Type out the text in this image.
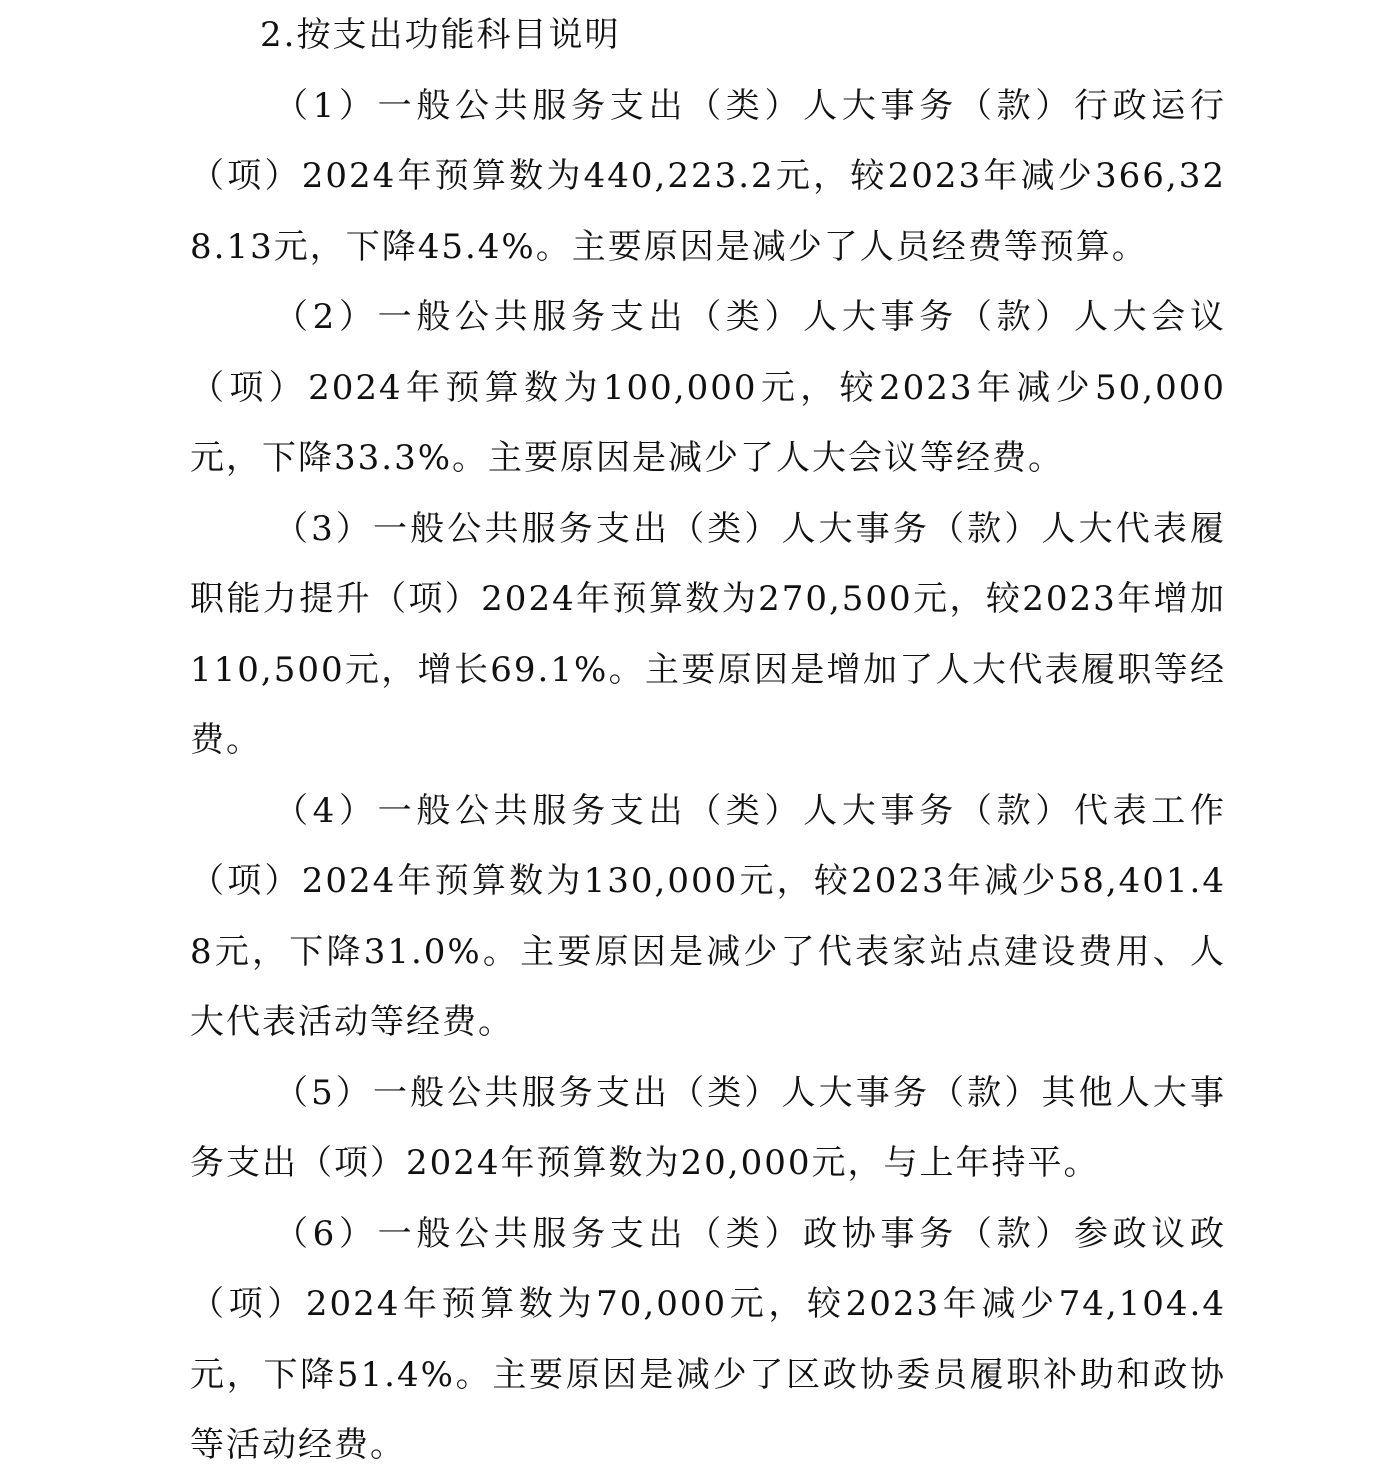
2.按支出功能科目说明

（1）一般公共服务支出（类）人大事务（款）行政运行（项）2024年预算数为440,223.2元，较2023年减少366,328.13元，下降45.4%。主要原因是减少了人员经费等预算。

（2）一般公共服务支出（类）人大事务（款）人大会议（项）2024年预算数为100,000元，较2023年减少50,000元，下降33.3%。主要原因是减少了人大会议等经费。

（3）一般公共服务支出（类）人大事务（款）人大代表履职能力提升（项）2024年预算数为270,500元，较2023年增加110,500元，增长69.1%。主要原因是增加了人大代表履职等经费。

（4）一般公共服务支出（类）人大事务（款）代表工作（项）2024年预算数为130,000元，较2023年减少58,401.48元，下降31.0%。主要原因是减少了代表家站点建设费用、人大代表活动等经费。

（5）一般公共服务支出（类）人大事务（款）其他人大事务支出（项）2024年预算数为20,000元，与上年持平。

（6）一般公共服务支出（类）政协事务（款）参政议政（项）2024年预算数为70,000元，较2023年减少74,104.4元，下降51.4%。主要原因是减少了区政协委员履职补助和政协等活动经费。
